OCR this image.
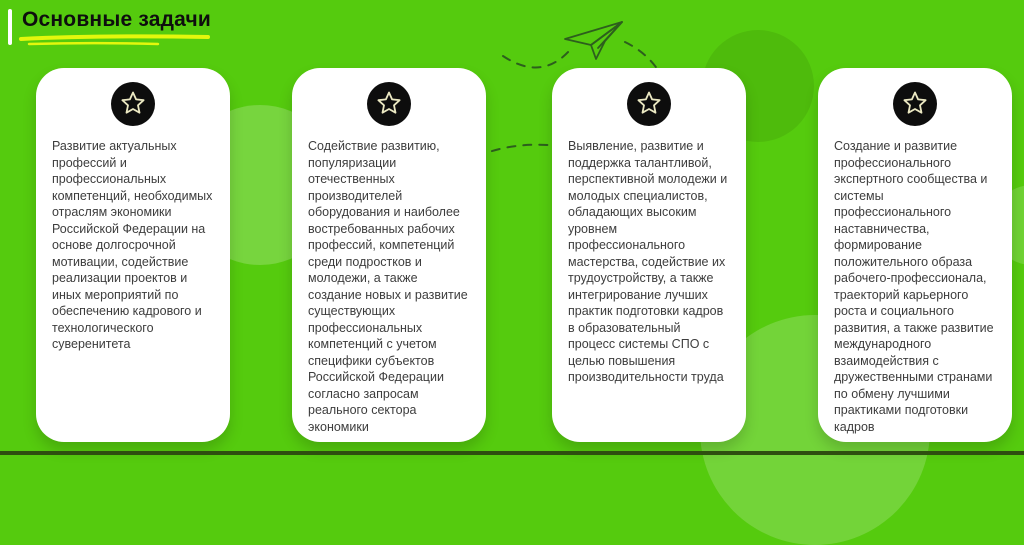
Основные задачи
Развитие актуальных профессий и профессиональных компетенций, необходимых отраслям экономики Российской Федерации на основе долгосрочной мотивации, содействие реализации проектов и иных мероприятий по обеспечению кадрового и технологического суверенитета
Содействие развитию, популяризации отечественных производителей оборудования и наиболее востребованных рабочих профессий, компетенций среди подростков и молодежи, а также создание новых и развитие существующих профессиональных компетенций с учетом специфики субъектов Российской Федерации согласно запросам реального сектора экономики
Выявление, развитие и поддержка талантливой, перспективной молодежи и молодых специалистов, обладающих высоким уровнем профессионального мастерства, содействие их трудоустройству, а также интегрирование лучших практик подготовки кадров в образовательный процесс системы СПО с целью повышения производительности труда
Создание и развитие профессионального экспертного сообщества и системы профессионального наставничества, формирование положительного образа рабочего-профессионала, траекторий карьерного роста и социального развития, а также развитие международного взаимодействия с дружественными странами по обмену лучшими практиками подготовки кадров
